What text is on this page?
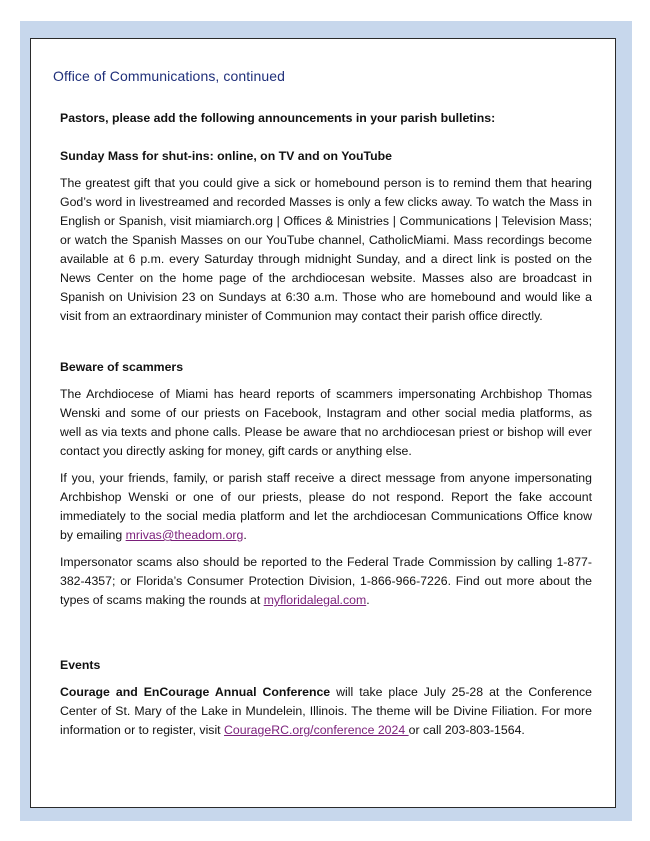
Office of Communications, continued

Pastors, please add the following announcements in your parish bulletins:

Sunday Mass for shut-ins: online, on TV and on YouTube

The greatest gift that you could give a sick or homebound person is to remind them that hearing God’s word in livestreamed and recorded Masses is only a few clicks away. To watch the Mass in English or Spanish, visit miamiarch.org | Offices & Ministries | Communications | Television Mass; or watch the Spanish Masses on our YouTube channel, CatholicMiami. Mass recordings become available at 6 p.m. every Saturday through midnight Sunday, and a direct link is posted on the News Center on the home page of the archdiocesan website. Masses also are broadcast in Spanish on Univision 23 on Sundays at 6:30 a.m. Those who are homebound and would like a visit from an extraordinary minister of Communion may contact their parish office directly.

Beware of scammers

The Archdiocese of Miami has heard reports of scammers impersonating Archbishop Thomas Wenski and some of our priests on Facebook, Instagram and other social media platforms, as well as via texts and phone calls. Please be aware that no archdiocesan priest or bishop will ever contact you directly asking for money, gift cards or anything else.

If you, your friends, family, or parish staff receive a direct message from anyone impersonating Archbishop Wenski or one of our priests, please do not respond. Report the fake account immediately to the social media platform and let the archdiocesan Communications Office know by emailing mrivas@theadom.org.

Impersonator scams also should be reported to the Federal Trade Commission by calling 1-877-382-4357; or Florida’s Consumer Protection Division, 1-866-966-7226. Find out more about the types of scams making the rounds at myfloridalegal.com.

Events

Courage and EnCourage Annual Conference will take place July 25-28 at the Conference Center of St. Mary of the Lake in Mundelein, Illinois. The theme will be Divine Filiation. For more information or to register, visit CourageRC.org/conference 2024 or call 203-803-1564.
